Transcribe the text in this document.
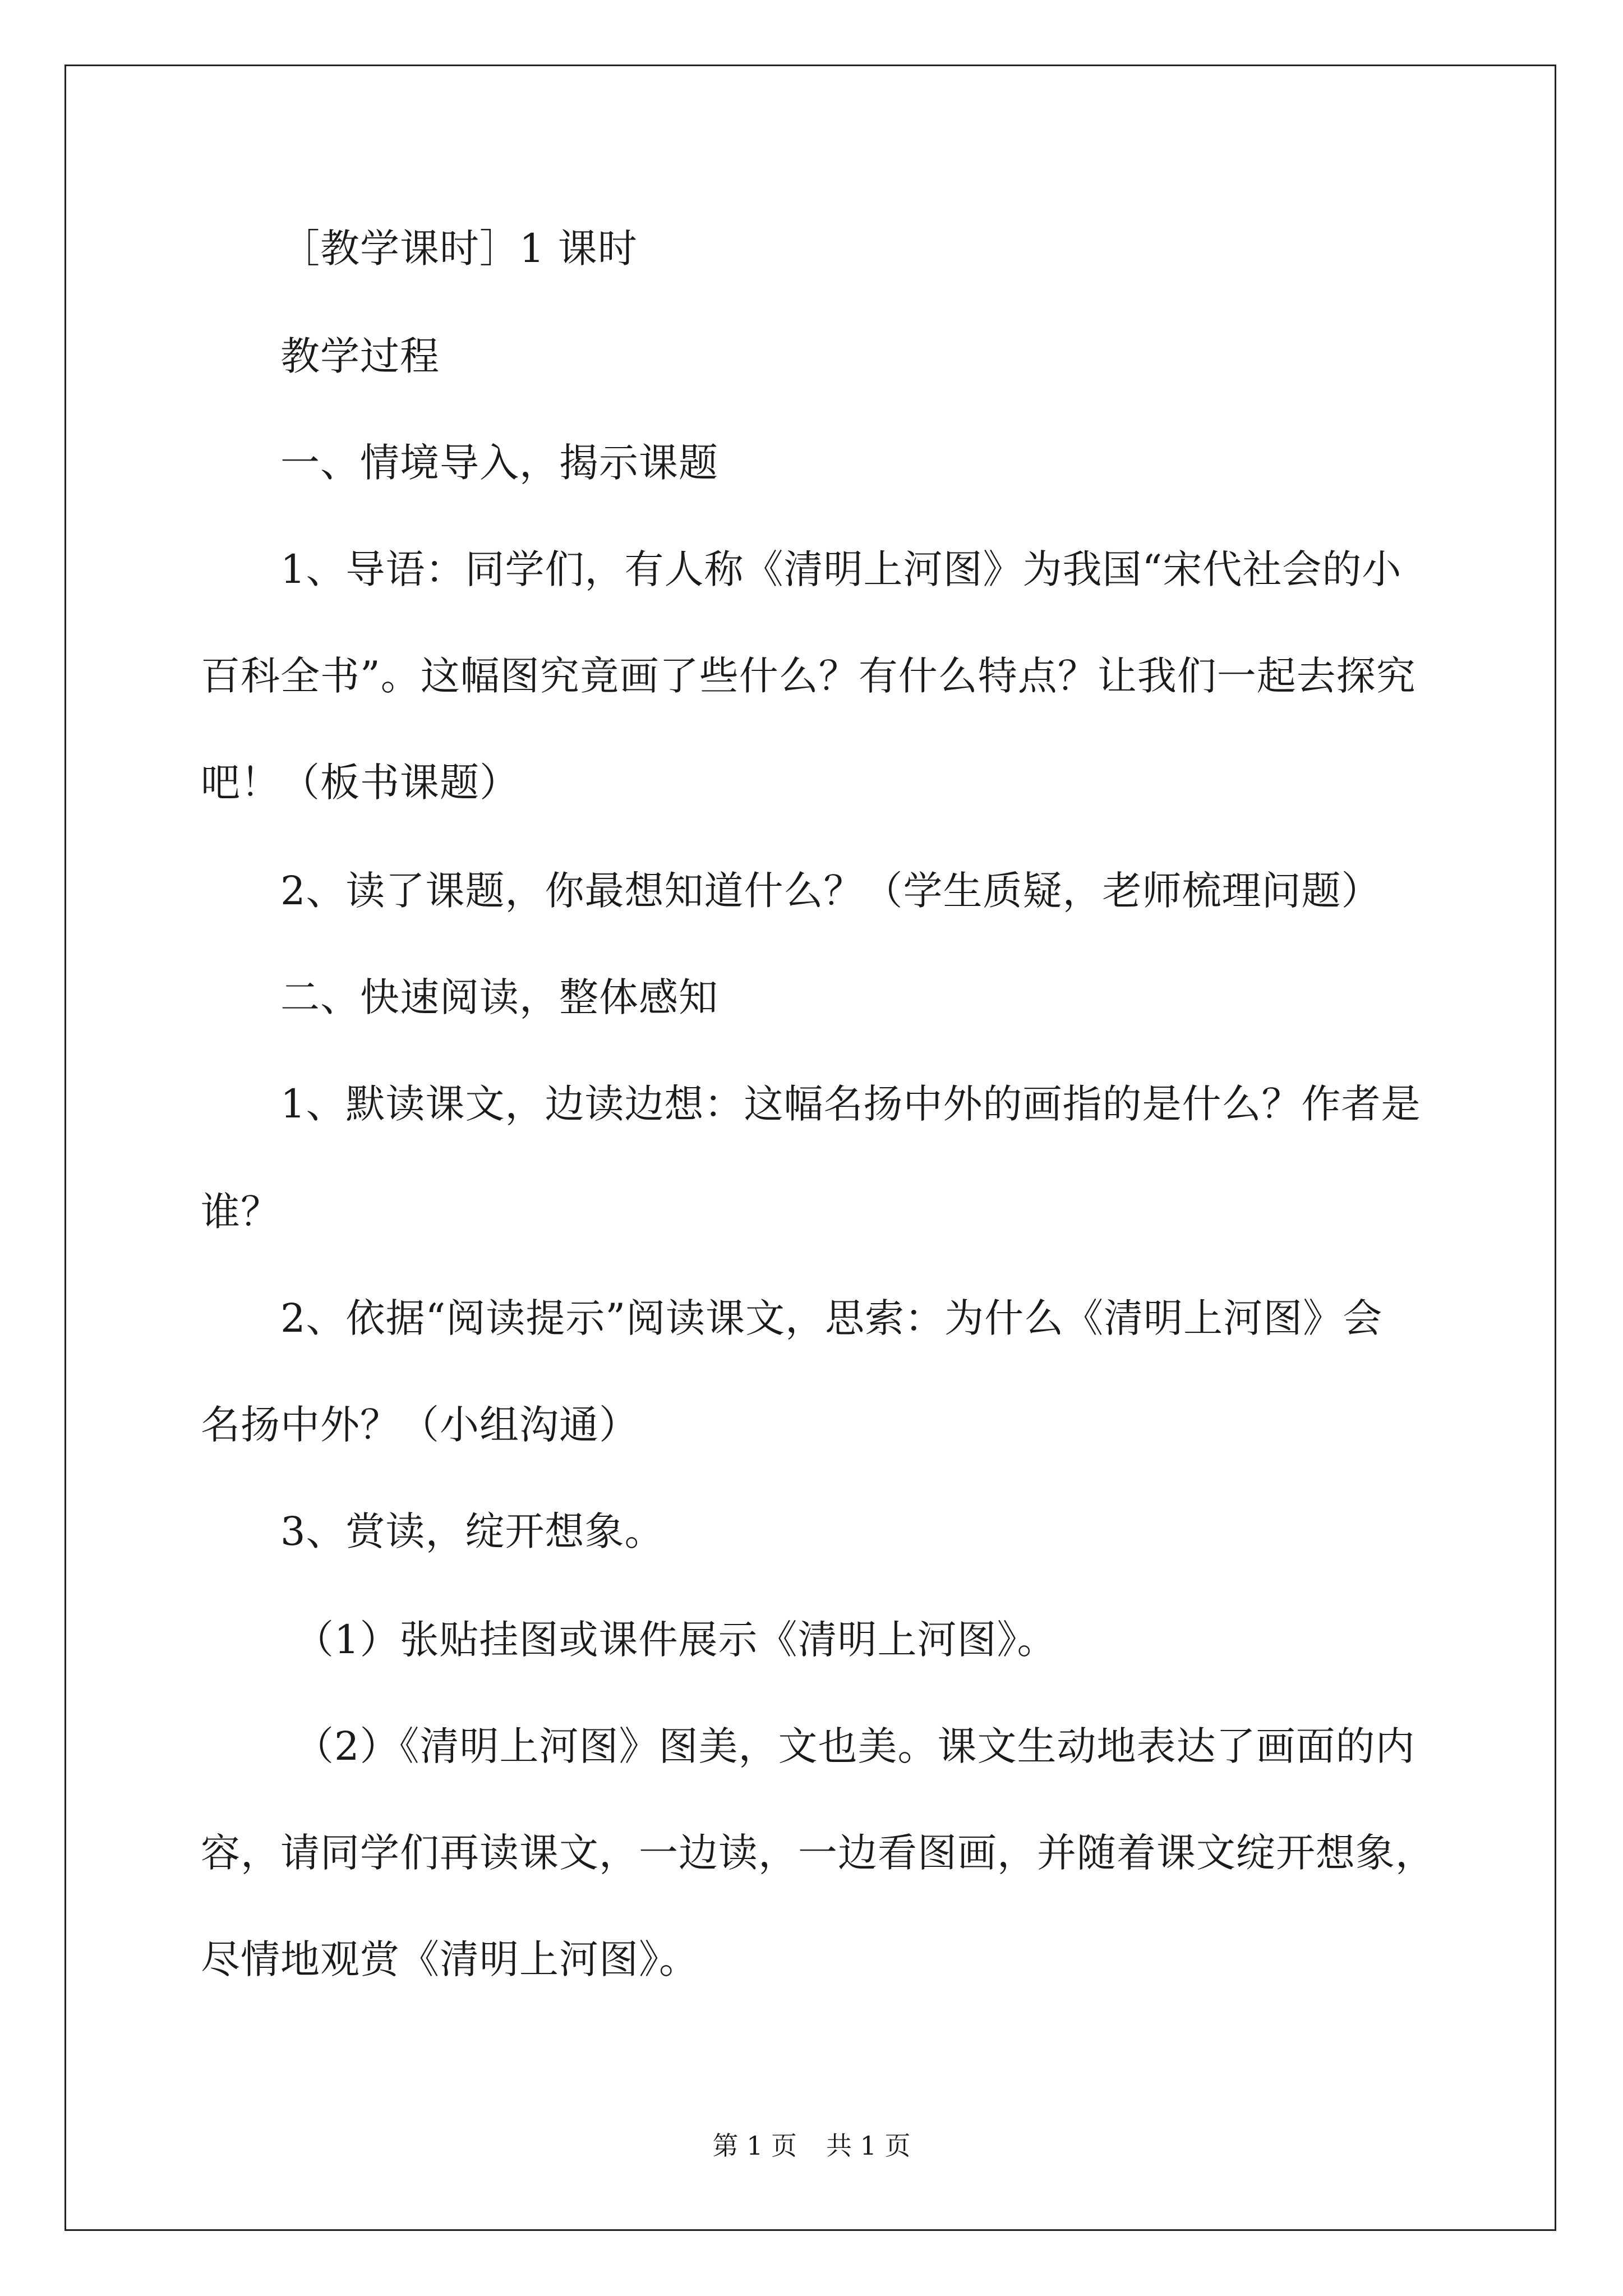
［教学课时］1 课时
教学过程
一、情境导入，揭示课题
1、导语：同学们，有人称《清明上河图》为我国“宋代社会的小
百科全书”。这幅图究竟画了些什么？有什么特点？让我们一起去探究
吧！（板书课题）
2、读了课题，你最想知道什么？（学生质疑，老师梳理问题）
二、快速阅读，整体感知
1、默读课文，边读边想：这幅名扬中外的画指的是什么？作者是
谁？
2、依据“阅读提示”阅读课文，思索：为什么《清明上河图》会
名扬中外？（小组沟通）
3、赏读，绽开想象。
（1）张贴挂图或课件展示《清明上河图》。
（2）《清明上河图》图美，文也美。课文生动地表达了画面的内
容，请同学们再读课文，一边读，一边看图画，并随着课文绽开想象，
尽情地观赏《清明上河图》。
第 1 页 共 1 页
